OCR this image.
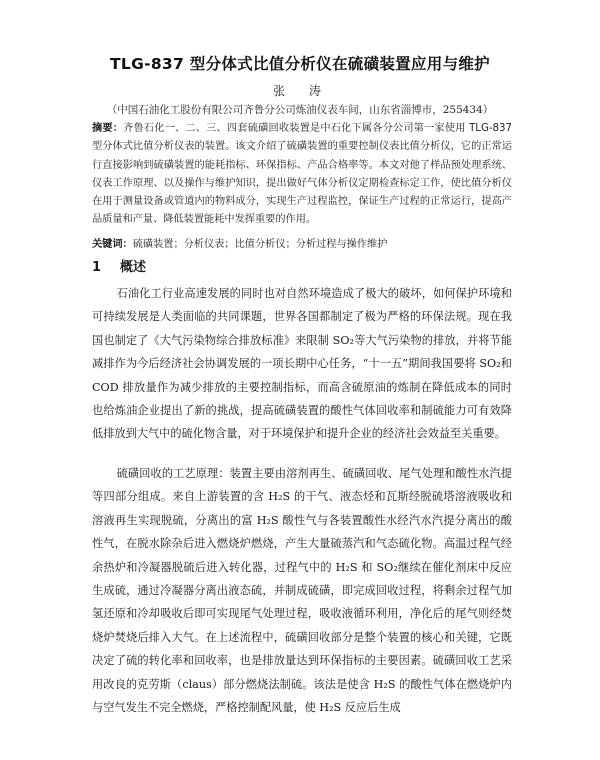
TLG-837 型分体式比值分析仪在硫磺装置应用与维护
张　涛
（中国石油化工股份有限公司齐鲁分公司炼油仪表车间，山东省淄博市，255434）
摘要：齐鲁石化一、二、三、四套硫磺回收装置是中石化下属各分公司第一家使用 TLG-837 型分体式比值分析仪表的装置。该文介绍了硫磺装置的重要控制仪表比值分析仪，它的正常运行直接影响到硫磺装置的能耗指标、环保指标、产品合格率等。本文对他了样品预处理系统、仪表工作原理、以及操作与维护知识，提出做好气体分析仪定期检查标定工作，使比值分析仪在用于测量设备或管道内的物料成分，实现生产过程监控，保证生产过程的正常运行，提高产品质量和产量、降低装置能耗中发挥重要的作用。
关键词：硫磺装置；分析仪表；比值分析仪；分析过程与操作维护
1 概述

石油化工行业高速发展的同时也对自然环境造成了极大的破坏，如何保护环境和可持续发展是人类面临的共同课题，世界各国都制定了极为严格的环保法规。现在我国也制定了《大气污染物综合排放标准》来限制 SO₂等大气污染物的排放，并将节能减排作为今后经济社会协调发展的一项长期中心任务，“十一五”期间我国要将 SO₂和 COD 排放量作为减少排放的主要控制指标，而高含硫原油的炼制在降低成本的同时也给炼油企业提出了新的挑战，提高硫磺装置的酸性气体回收率和制硫能力可有效降低排放到大气中的硫化物含量，对于环境保护和提升企业的经济社会效益至关重要。

硫磺回收的工艺原理：装置主要由溶剂再生、硫磺回收、尾气处理和酸性水汽提等四部分组成。来自上游装置的含 H₂S 的干气、液态烃和瓦斯经脱硫塔溶液吸收和溶液再生实现脱硫，分离出的富 H₂S 酸性气与各装置酸性水经汽水汽提分离出的酸性气，在脱水除杂后进入燃烧炉燃烧，产生大量硫蒸汽和气态硫化物。高温过程气经余热炉和冷凝器脱硫后进入转化器，过程气中的 H₂S 和 SO₂继续在催化剂床中反应生成硫，通过冷凝器分离出液态硫，并制成硫磺，即完成回收过程，将剩余过程气加氢还原和冷却吸收后即可实现尾气处理过程，吸收液循环利用，净化后的尾气则经焚烧炉焚烧后排入大气。在上述流程中，硫磺回收部分是整个装置的核心和关键，它既决定了硫的转化率和回收率，也是排放量达到环保指标的主要因素。硫磺回收工艺采用改良的克劳斯（claus）部分燃烧法制硫。该法是使含 H₂S 的酸性气体在燃烧炉内与空气发生不完全燃烧，严格控制配风量，使 H₂S 反应后生成
